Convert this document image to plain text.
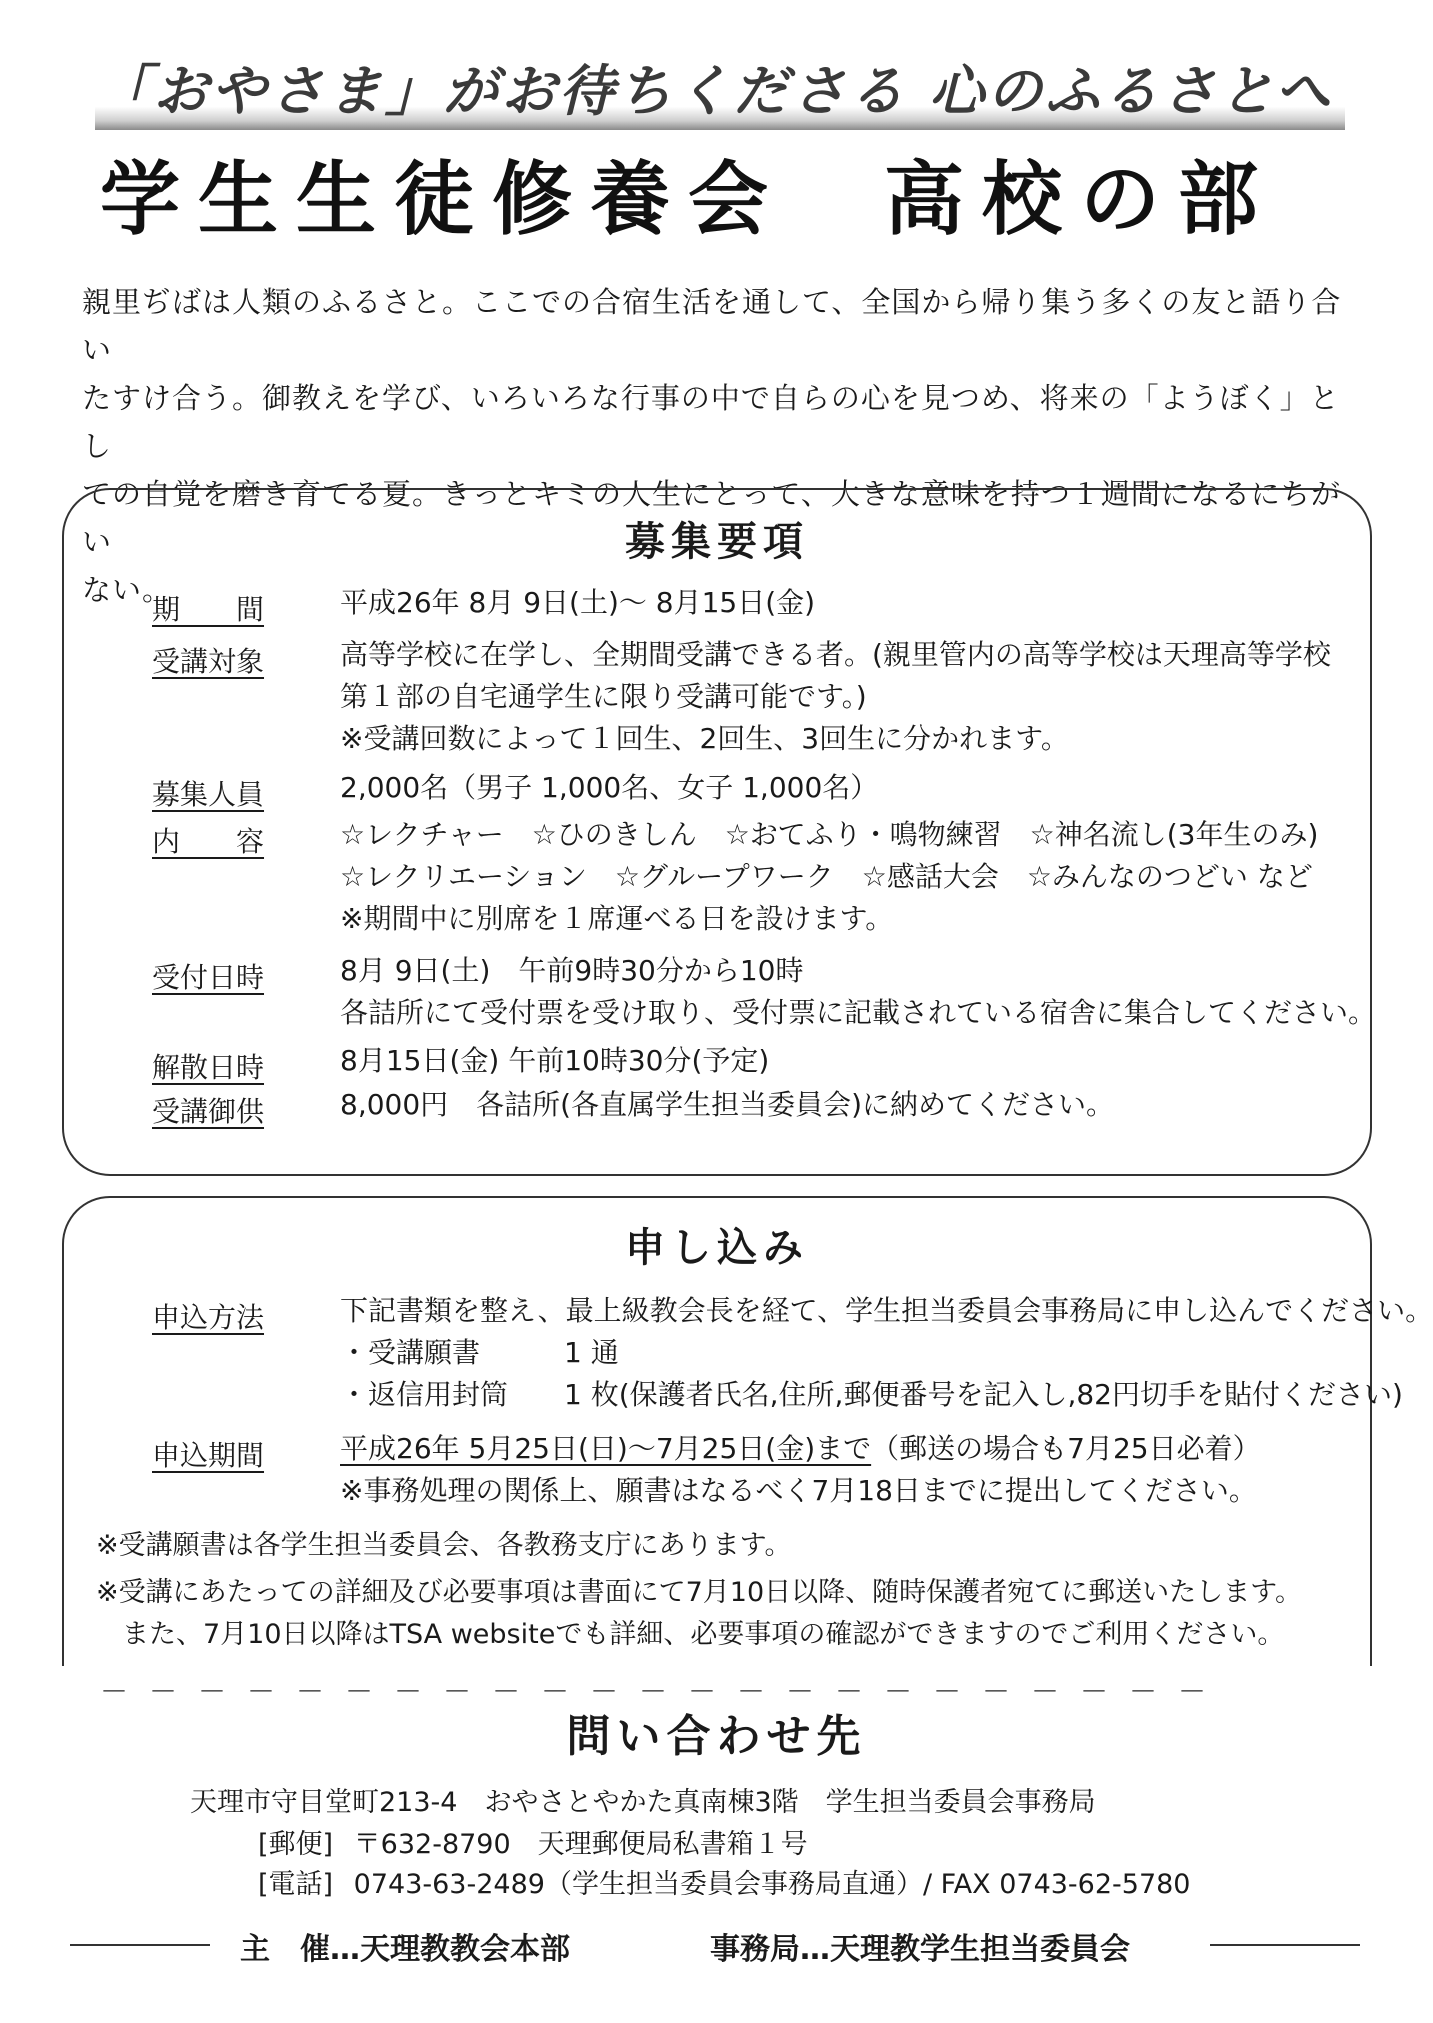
「おやさま」がお待ちくださる 心のふるさとへ
学生生徒修養会　高校の部
親里ぢばは人類のふるさと。ここでの合宿生活を通して、全国から帰り集う多くの友と語り合い
たすけ合う。御教えを学び、いろいろな行事の中で自らの心を見つめ、将来の「ようぼく」とし
ての自覚を磨き育てる夏。きっとキミの人生にとって、大きな意味を持つ１週間になるにちがい
ない。
募集要項
期　　間	平成26年 8月 9日(土)～ 8月15日(金)
受講対象	高等学校に在学し、全期間受講できる者。(親里管内の高等学校は天理高等学校
第１部の自宅通学生に限り受講可能です。)
※受講回数によって１回生、2回生、3回生に分かれます。
募集人員	2,000名（男子 1,000名、女子 1,000名）
内　　容	☆レクチャー　☆ひのきしん　☆おてふり・鳴物練習　☆神名流し(3年生のみ)
☆レクリエーション　☆グループワーク　☆感話大会　☆みんなのつどい など
※期間中に別席を１席運べる日を設けます。
受付日時	8月 9日(土)　午前9時30分から10時
各詰所にて受付票を受け取り、受付票に記載されている宿舎に集合してください。
解散日時	8月15日(金) 午前10時30分(予定)
受講御供	8,000円　各詰所(各直属学生担当委員会)に納めてください。
申し込み
申込方法	下記書類を整え、最上級教会長を経て、学生担当委員会事務局に申し込んでください。
・受講願書　　　1 通
・返信用封筒　　1 枚(保護者氏名,住所,郵便番号を記入し,82円切手を貼付ください)
申込期間	平成26年 5月25日(日)～7月25日(金)まで（郵送の場合も7月25日必着）
※事務処理の関係上、願書はなるべく7月18日までに提出してください。
※受講願書は各学生担当委員会、各教務支庁にあります。
※受講にあたっての詳細及び必要事項は書面にて7月10日以降、随時保護者宛てに郵送いたします。
また、7月10日以降はTSA websiteでも詳細、必要事項の確認ができますのでご利用ください。
－－－－－－－－－－－－－－－－－－－－－－－
問い合わせ先
天理市守目堂町213-4　おやさとやかた真南棟3階　学生担当委員会事務局
[郵便] 〒632-8790　天理郵便局私書箱１号
[電話] 0743-63-2489（学生担当委員会事務局直通）/ FAX 0743-62-5780
主　催…天理教教会本部	事務局…天理教学生担当委員会
